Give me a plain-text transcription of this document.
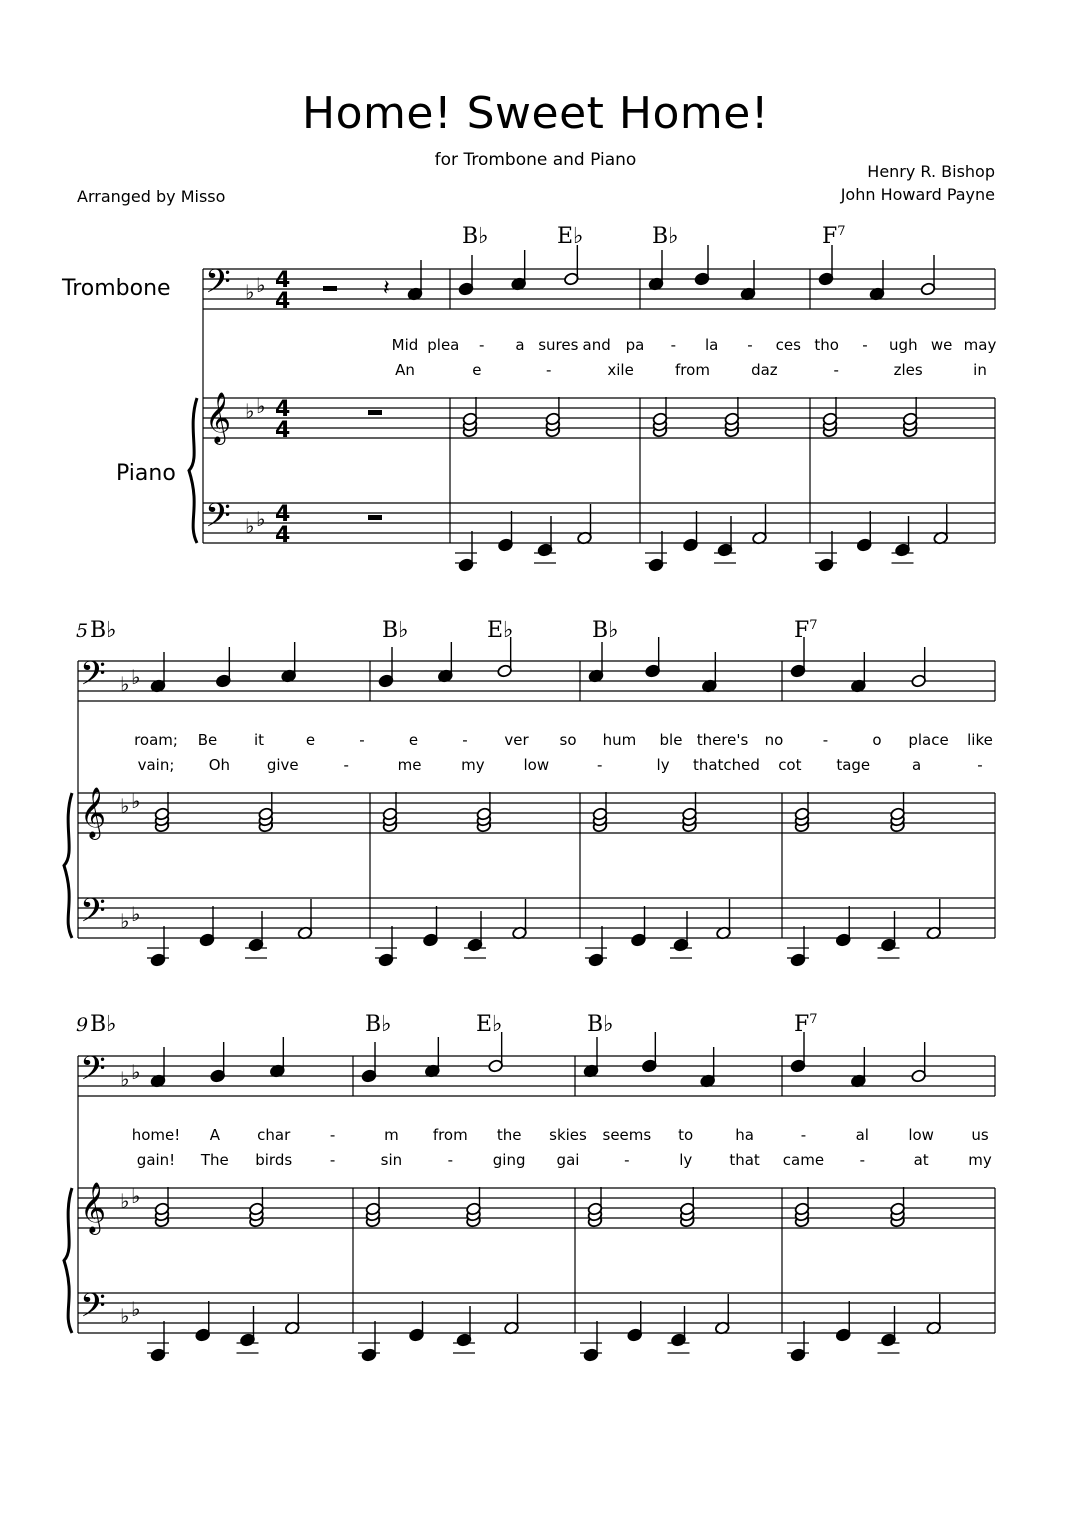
Home! Sweet Home!
for Trombone and Piano
Henry R. Bishop
John Howard Payne
Arranged by Misso
Trombone
Piano
𝄢 ♭ ♭
𝄞 ♭ ♭
𝄢 ♭ ♭
4
4
4
4
4
4
B♭	E♭	B♭	$F^7$
Mid plea - a sures and pa - la - ces tho - ugh we may
An	e	-	xile	from	daz	-	zles	in
𝄽
𝄢 ♭ ♭
𝄞 ♭ ♭
𝄢 ♭ ♭
5 B♭	B♭	E♭	B♭	$F^7$
roam; Be it	e	-	e	- ver so hum ble there's no	-	o place like
vain; Oh give	-	me	my	low	-	ly thatched cot tage	a	-
𝄢 ♭ ♭
𝄞 ♭ ♭
𝄢 ♭ ♭
9 B♭	B♭	E♭	B♭	$F^7$
home! A char	-	m from the skies seems to	ha	-	al	low us
gain! The birds	-	sin	-	ging gai	-	ly that came -	at	my
